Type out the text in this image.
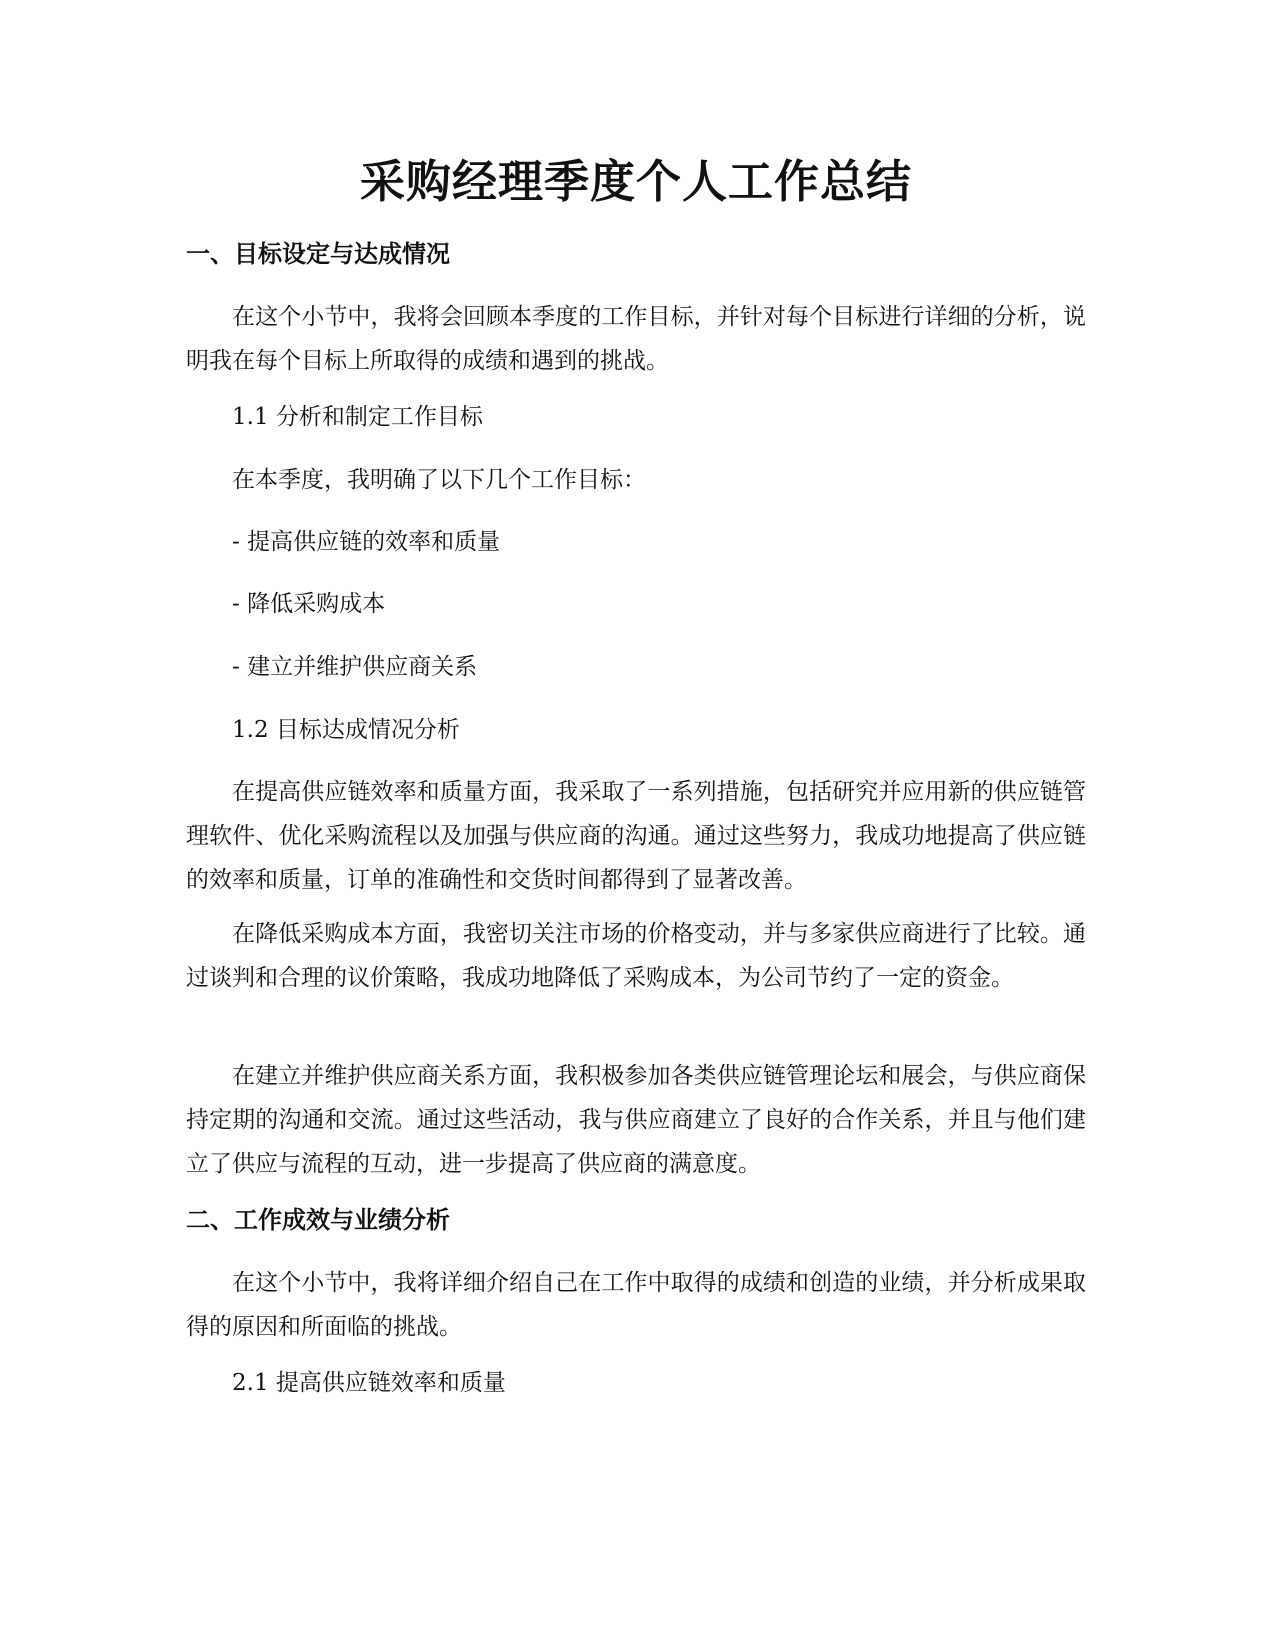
采购经理季度个人工作总结
一、目标设定与达成情况

在这个小节中，我将会回顾本季度的工作目标，并针对每个目标进行详细的分析，说明我在每个目标上所取得的成绩和遇到的挑战。

1.1 分析和制定工作目标

在本季度，我明确了以下几个工作目标：

- 提高供应链的效率和质量

- 降低采购成本

- 建立并维护供应商关系

1.2 目标达成情况分析

在提高供应链效率和质量方面，我采取了一系列措施，包括研究并应用新的供应链管理软件、优化采购流程以及加强与供应商的沟通。通过这些努力，我成功地提高了供应链的效率和质量，订单的准确性和交货时间都得到了显著改善。

在降低采购成本方面，我密切关注市场的价格变动，并与多家供应商进行了比较。通过谈判和合理的议价策略，我成功地降低了采购成本，为公司节约了一定的资金。

在建立并维护供应商关系方面，我积极参加各类供应链管理论坛和展会，与供应商保持定期的沟通和交流。通过这些活动，我与供应商建立了良好的合作关系，并且与他们建立了供应与流程的互动，进一步提高了供应商的满意度。

二、工作成效与业绩分析

在这个小节中，我将详细介绍自己在工作中取得的成绩和创造的业绩，并分析成果取得的原因和所面临的挑战。

2.1 提高供应链效率和质量
